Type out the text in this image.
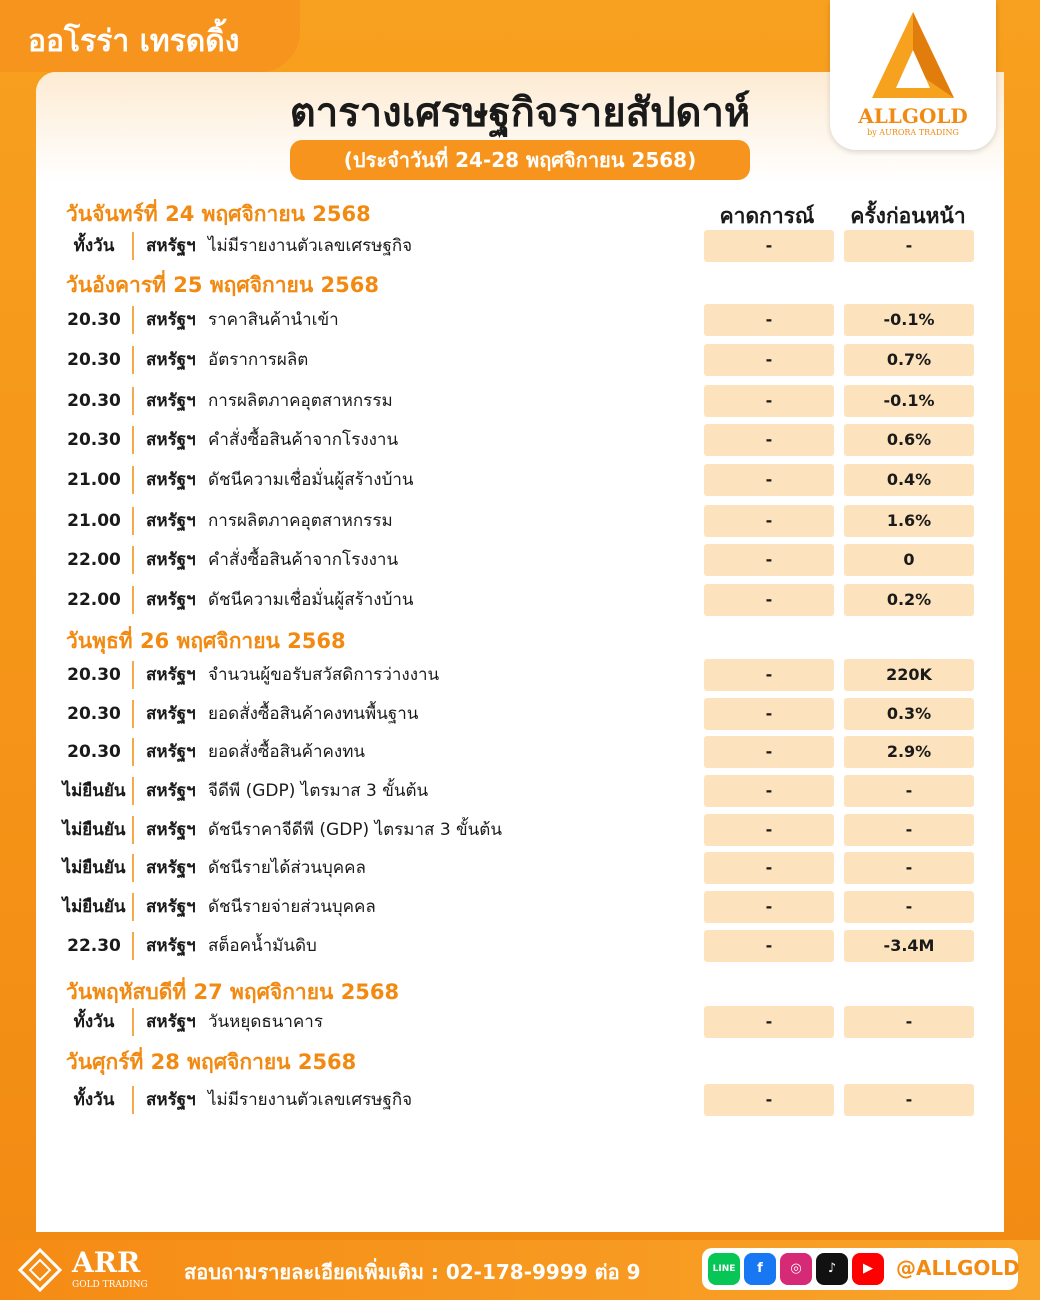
ออโรร่า เทรดดิ้ง
ตารางเศรษฐกิจรายสัปดาห์
(ประจำวันที่ 24-28 พฤศจิกายน 2568)
ALLGOLD
by AURORA TRADING
คาดการณ์	ครั้งก่อนหน้า
วันจันทร์ที่ 24 พฤศจิกายน 2568
ทั้งวัน	สหรัฐฯ ไม่มีรายงานตัวเลขเศรษฐกิจ	-	-
วันอังคารที่ 25 พฤศจิกายน 2568
20.30	สหรัฐฯ ราคาสินค้านำเข้า	-	-0.1%
20.30	สหรัฐฯ อัตราการผลิต	-	0.7%
20.30	สหรัฐฯ การผลิตภาคอุตสาหกรรม	-	-0.1%
20.30	สหรัฐฯ คำสั่งซื้อสินค้าจากโรงงาน	-	0.6%
21.00	สหรัฐฯ ดัชนีความเชื่อมั่นผู้สร้างบ้าน	-	0.4%
21.00	สหรัฐฯ การผลิตภาคอุตสาหกรรม	-	1.6%
22.00	สหรัฐฯ คำสั่งซื้อสินค้าจากโรงงาน	-	0
22.00	สหรัฐฯ ดัชนีความเชื่อมั่นผู้สร้างบ้าน	-	0.2%
วันพุธที่ 26 พฤศจิกายน 2568
20.30	สหรัฐฯ จำนวนผู้ขอรับสวัสดิการว่างงาน	-	220K
20.30	สหรัฐฯ ยอดสั่งซื้อสินค้าคงทนพื้นฐาน	-	0.3%
20.30	สหรัฐฯ ยอดสั่งซื้อสินค้าคงทน	-	2.9%
ไม่ยืนยัน	สหรัฐฯ จีดีพี (GDP) ไตรมาส 3 ขั้นต้น	-	-
ไม่ยืนยัน	สหรัฐฯ ดัชนีราคาจีดีพี (GDP) ไตรมาส 3 ขั้นต้น	-	-
ไม่ยืนยัน	สหรัฐฯ ดัชนีรายได้ส่วนบุคคล	-	-
ไม่ยืนยัน	สหรัฐฯ ดัชนีรายจ่ายส่วนบุคคล	-	-
22.30	สหรัฐฯ สต็อคน้ำมันดิบ	-	-3.4M
วันพฤหัสบดีที่ 27 พฤศจิกายน 2568
ทั้งวัน	สหรัฐฯ วันหยุดธนาคาร	-	-
วันศุกร์ที่ 28 พฤศจิกายน 2568
ทั้งวัน	สหรัฐฯ ไม่มีรายงานตัวเลขเศรษฐกิจ	-	-
ARR
GOLD TRADING
สอบถามรายละเอียดเพิ่มเติม : 02-178-9999 ต่อ 9	LINE	f	◎	♪	▶	@ALLGOLD
